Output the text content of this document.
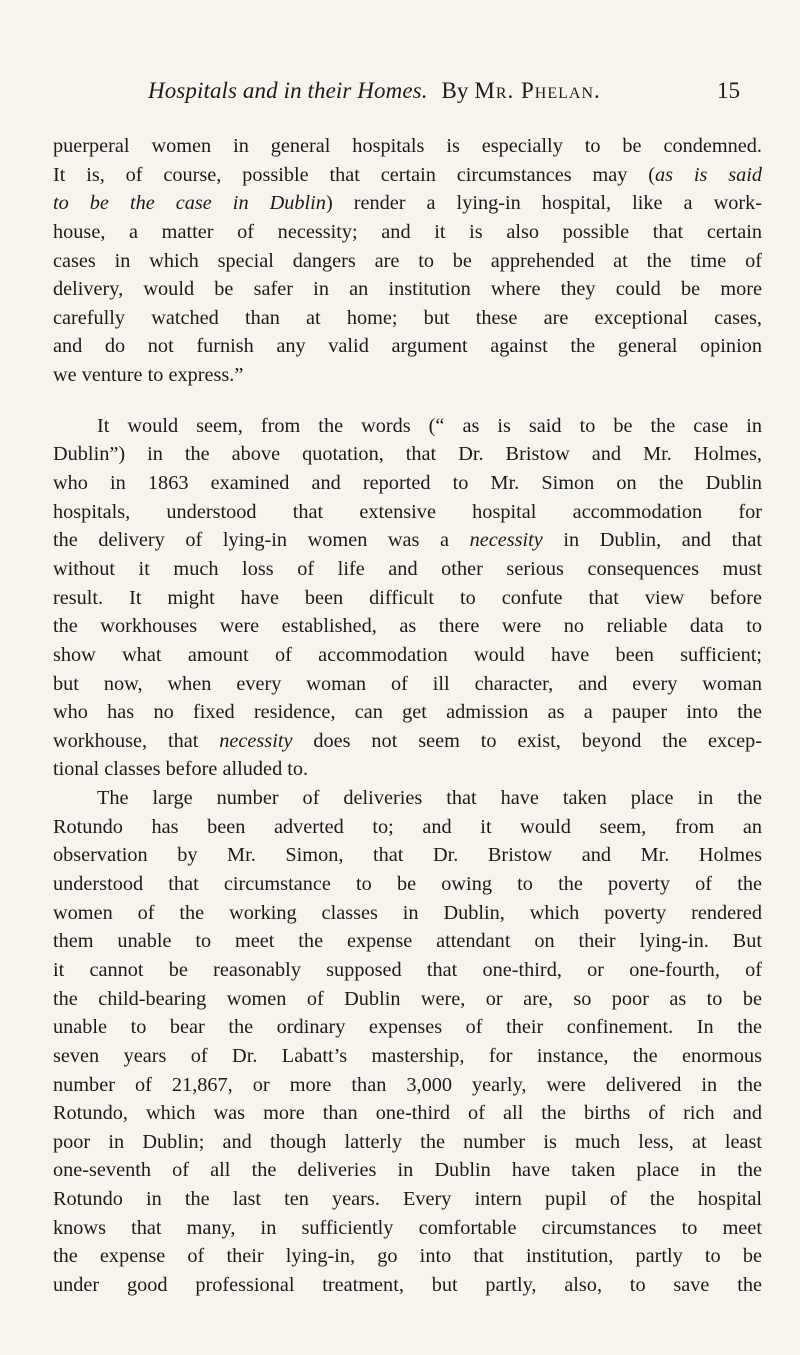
Hospitals and in their Homes. By Mr. Phelan.	15
puerperal women in general hospitals is especially to be condemned.
It is, of course, possible that certain circumstances may (as is said
to be the case in Dublin) render a lying-in hospital, like a work-
house, a matter of necessity; and it is also possible that certain
cases in which special dangers are to be apprehended at the time of
delivery, would be safer in an institution where they could be more
carefully watched than at home; but these are exceptional cases,
and do not furnish any valid argument against the general opinion
we venture to express.”
It would seem, from the words (“ as is said to be the case in
Dublin”) in the above quotation, that Dr. Bristow and Mr. Holmes,
who in 1863 examined and reported to Mr. Simon on the Dublin
hospitals, understood that extensive hospital accommodation for
the delivery of lying-in women was a necessity in Dublin, and that
without it much loss of life and other serious consequences must
result. It might have been difficult to confute that view before
the workhouses were established, as there were no reliable data to
show what amount of accommodation would have been sufficient;
but now, when every woman of ill character, and every woman
who has no fixed residence, can get admission as a pauper into the
workhouse, that necessity does not seem to exist, beyond the excep-
tional classes before alluded to.
The large number of deliveries that have taken place in the
Rotundo has been adverted to; and it would seem, from an
observation by Mr. Simon, that Dr. Bristow and Mr. Holmes
understood that circumstance to be owing to the poverty of the
women of the working classes in Dublin, which poverty rendered
them unable to meet the expense attendant on their lying-in. But
it cannot be reasonably supposed that one-third, or one-fourth, of
the child-bearing women of Dublin were, or are, so poor as to be
unable to bear the ordinary expenses of their confinement. In the
seven years of Dr. Labatt’s mastership, for instance, the enormous
number of 21,867, or more than 3,000 yearly, were delivered in the
Rotundo, which was more than one-third of all the births of rich and
poor in Dublin; and though latterly the number is much less, at least
one-seventh of all the deliveries in Dublin have taken place in the
Rotundo in the last ten years. Every intern pupil of the hospital
knows that many, in sufficiently comfortable circumstances to meet
the expense of their lying-in, go into that institution, partly to be
under good professional treatment, but partly, also, to save the
